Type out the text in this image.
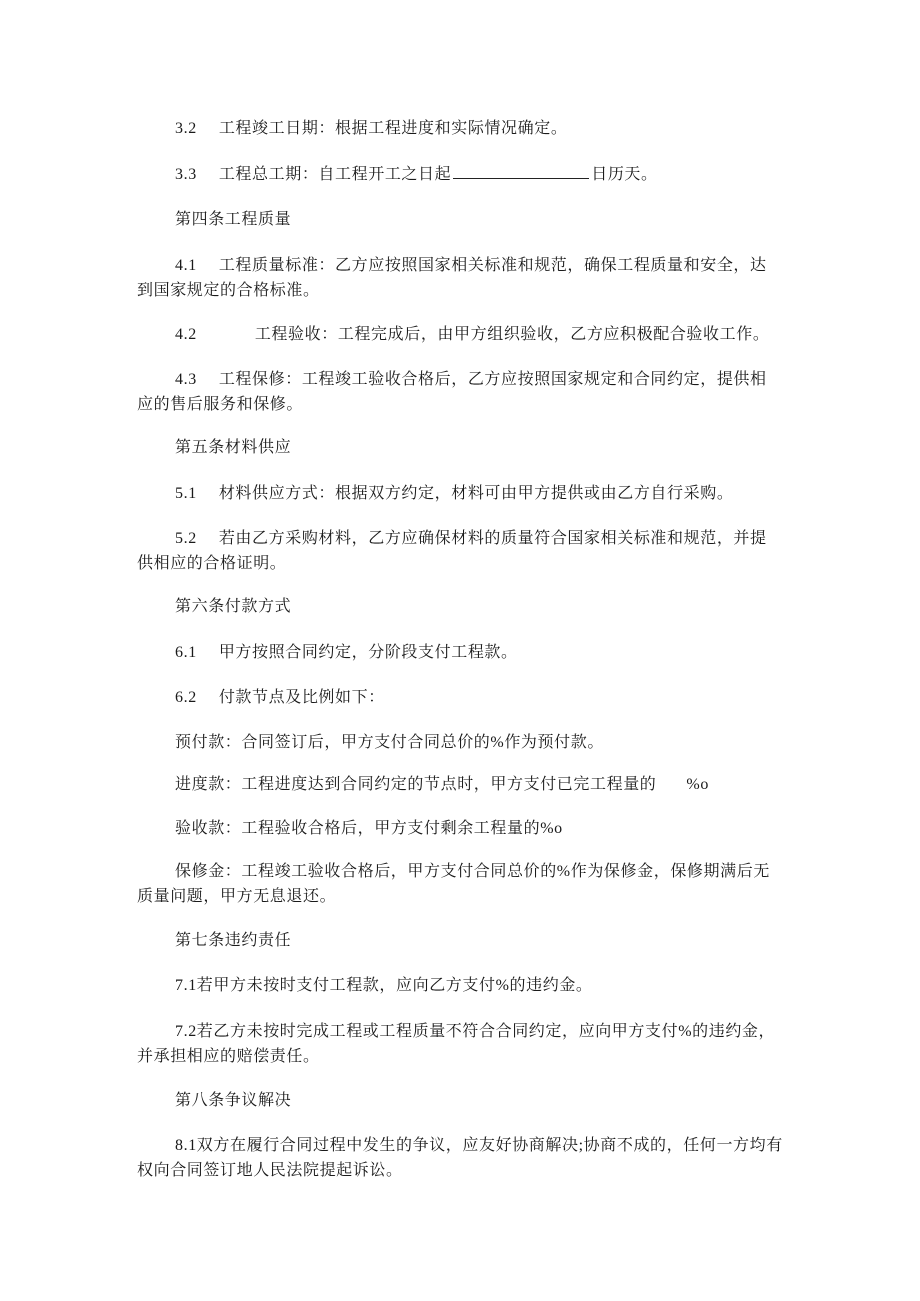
3.2 工程竣工日期：根据工程进度和实际情况确定。
3.3 工程总工期：自工程开工之日起	日历天。
第四条工程质量
4.1 工程质量标准：乙方应按照国家相关标准和规范，确保工程质量和安全，达到国家规定的合格标准。
4.2	工程验收：工程完成后，由甲方组织验收，乙方应积极配合验收工作。
4.3 工程保修：工程竣工验收合格后，乙方应按照国家规定和合同约定，提供相应的售后服务和保修。
第五条材料供应
5.1 材料供应方式：根据双方约定，材料可由甲方提供或由乙方自行采购。
5.2 若由乙方采购材料，乙方应确保材料的质量符合国家相关标准和规范，并提供相应的合格证明。
第六条付款方式
6.1 甲方按照合同约定，分阶段支付工程款。
6.2 付款节点及比例如下：
预付款：合同签订后，甲方支付合同总价的%作为预付款。
进度款：工程进度达到合同约定的节点时，甲方支付已完工程量的 %o
验收款：工程验收合格后，甲方支付剩余工程量的%o
保修金：工程竣工验收合格后，甲方支付合同总价的%作为保修金，保修期满后无质量问题，甲方无息退还。
第七条违约责任
7.1若甲方未按时支付工程款，应向乙方支付%的违约金。
7.2若乙方未按时完成工程或工程质量不符合合同约定，应向甲方支付%的违约金，并承担相应的赔偿责任。
第八条争议解决
8.1双方在履行合同过程中发生的争议，应友好协商解决;协商不成的，任何一方均有权向合同签订地人民法院提起诉讼。
